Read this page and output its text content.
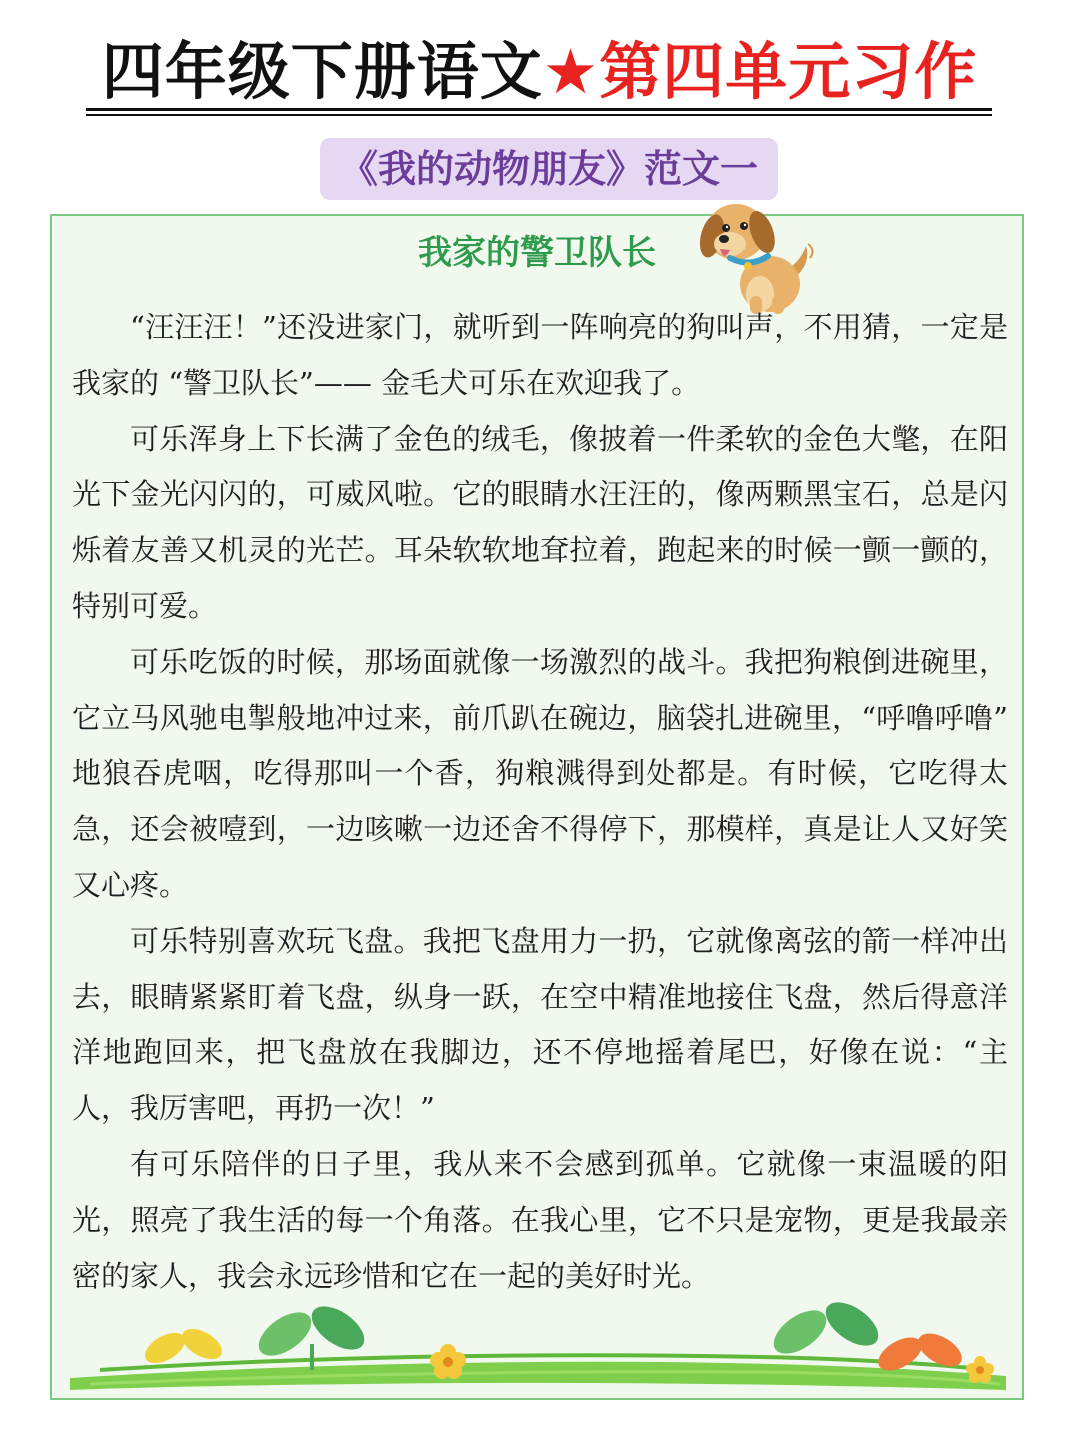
四年级下册语文★第四单元习作
《我的动物朋友》范文一
我家的警卫队长

“汪汪汪！”还没进家门，就听到一阵响亮的狗叫声，不用猜，一定是我家的 “警卫队长”—— 金毛犬可乐在欢迎我了。

可乐浑身上下长满了金色的绒毛，像披着一件柔软的金色大氅，在阳光下金光闪闪的，可威风啦。它的眼睛水汪汪的，像两颗黑宝石，总是闪烁着友善又机灵的光芒。耳朵软软地耷拉着，跑起来的时候一颤一颤的，特别可爱。

可乐吃饭的时候，那场面就像一场激烈的战斗。我把狗粮倒进碗里，它立马风驰电掣般地冲过来，前爪趴在碗边，脑袋扎进碗里，“呼噜呼噜” 地狼吞虎咽，吃得那叫一个香，狗粮溅得到处都是。有时候，它吃得太急，还会被噎到，一边咳嗽一边还舍不得停下，那模样，真是让人又好笑又心疼。

可乐特别喜欢玩飞盘。我把飞盘用力一扔，它就像离弦的箭一样冲出去，眼睛紧紧盯着飞盘，纵身一跃，在空中精准地接住飞盘，然后得意洋洋地跑回来，把飞盘放在我脚边，还不停地摇着尾巴，好像在说：“主人，我厉害吧，再扔一次！”

有可乐陪伴的日子里，我从来不会感到孤单。它就像一束温暖的阳光，照亮了我生活的每一个角落。在我心里，它不只是宠物，更是我最亲密的家人，我会永远珍惜和它在一起的美好时光。
